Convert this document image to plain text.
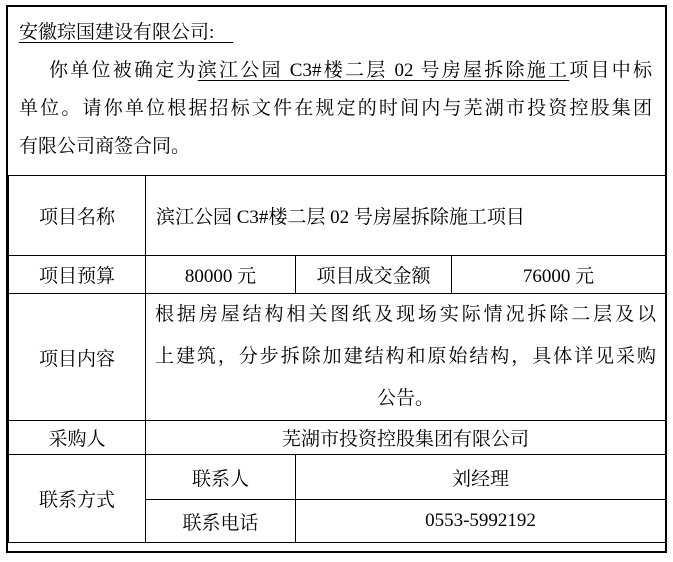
安徽琮国建设有限公司:　
你单位被确定为滨江公园 C3#楼二层 02 号房屋拆除施工项目中标
单位。请你单位根据招标文件在规定的时间内与芜湖市投资控股集团
有限公司商签合同。
项目名称	滨江公园 C3#楼二层 02 号房屋拆除施工项目		
项目预算	80000 元	项目成交金额	76000 元
项目内容	根据房屋结构相关图纸及现场实际情况拆除二层及以
上建筑，分步拆除加建结构和原始结构，具体详见采购
公告。		

采购人	芜湖市投资控股集团有限公司		
联系方式	联系人	刘经理	
	联系电话	0553-5992192	
